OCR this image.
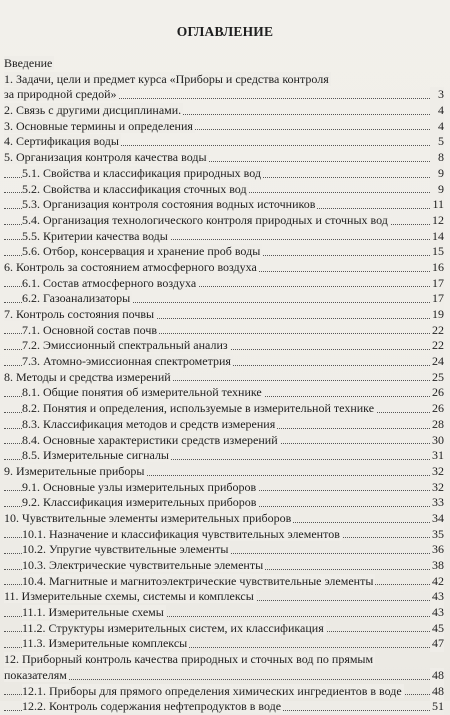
ОГЛАВЛЕНИЕ
Введение
1. Задачи, цели и предмет курса «Приборы и средства контроля
за природной средой»	3
2. Связь с другими дисциплинами.	4
3. Основные термины и определения	4
4. Сертификация воды	5
5. Организация контроля качества воды	8
5.1. Свойства и классификация природных вод	9
5.2. Свойства и классификация сточных вод	9
5.3. Организация контроля состояния водных источников	11
5.4. Организация технологического контроля природных и сточных вод	12
5.5. Критерии качества воды	14
5.6. Отбор, консервация и хранение проб воды	15
6. Контроль за состоянием атмосферного воздуха	16
6.1. Состав атмосферного воздуха	17
6.2. Газоанализаторы	17
7. Контроль состояния почвы	19
7.1. Основной состав почв	22
7.2. Эмиссионный спектральный анализ	22
7.3. Атомно-эмиссионная спектрометрия	24
8. Методы и средства измерений	25
8.1. Общие понятия об измерительной технике	26
8.2. Понятия и определения, используемые в измерительной технике	26
8.3. Классификация методов и средств измерения	28
8.4. Основные характеристики средств измерений	30
8.5. Измерительные сигналы	31
9. Измерительные приборы	32
9.1. Основные узлы измерительных приборов	32
9.2. Классификация измерительных приборов	33
10. Чувствительные элементы измерительных приборов	34
10.1. Назначение и классификация чувствительных элементов	35
10.2. Упругие чувствительные элементы	36
10.3. Электрические чувствительные элементы	38
10.4. Магнитные и магнитоэлектрические чувствительные элементы	42
11. Измерительные схемы, системы и комплексы	43
11.1. Измерительные схемы	43
11.2. Структуры измерительных систем, их классификация	45
11.3. Измерительные комплексы	47
12. Приборный контроль качества природных и сточных вод по прямым
показателям	48
12.1. Приборы для прямого определения химических ингредиентов в воде	48
12.2. Контроль содержания нефтепродуктов в воде	51
